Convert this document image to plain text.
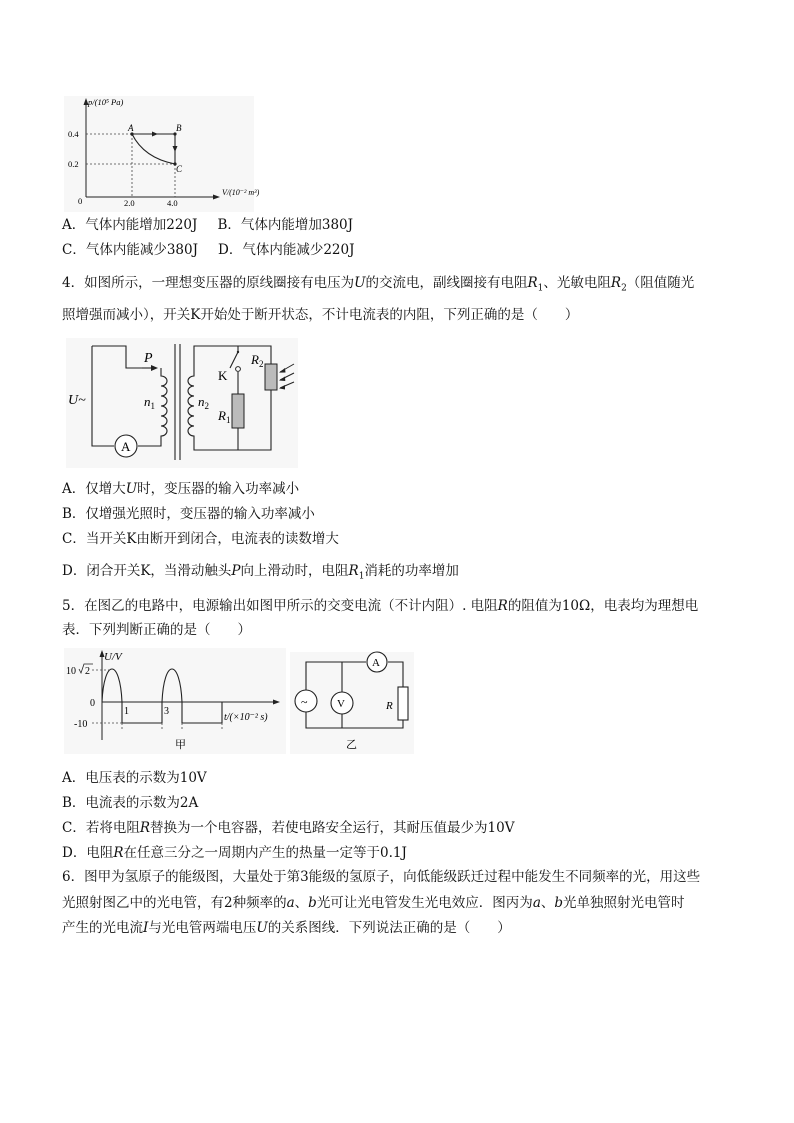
p/(10⁵ Pa)
V/(10⁻² m³)
0.4
0.2
0	2.0	4.0
A	B
C
A．气体内能增加220J B．气体内能增加380J
C．气体内能减少380J D．气体内能减少220J
4．如图所示，一理想变压器的原线圈接有电压为U的交流电，副线圈接有电阻$R_1$、光敏电阻$R_2$（阻值随光
照增强而减小），开关K开始处于断开状态，不计电流表的内阻，下列正确的是（　　）
A
U~
P
$n_1$	$n_2$
K
$R_1$
$R_2$
A．仅增大U时，变压器的输入功率减小
B．仅增强光照时，变压器的输入功率减小
C．当开关K由断开到闭合，电流表的读数增大
D．闭合开关K，当滑动触头P向上滑动时，电阻$R_1$消耗的功率增加
5．在图乙的电路中，电源输出如图甲所示的交变电流（不计内阻）. 电阻R的阻值为10Ω，电表均为理想电
表．下列判断正确的是（　　）
U/V
10 2
0
-10
1	3
t/(×10⁻² s)
甲
~	V
A
R
乙
A．电压表的示数为10V
B．电流表的示数为2A
C．若将电阻R替换为一个电容器，若使电路安全运行，其耐压值最少为10V
D．电阻R在任意三分之一周期内产生的热量一定等于0.1J
6．图甲为氢原子的能级图，大量处于第3能级的氢原子，向低能级跃迁过程中能发生不同频率的光，用这些
光照射图乙中的光电管，有2种频率的a、b光可让光电管发生光电效应．图丙为a、b光单独照射光电管时
产生的光电流I与光电管两端电压U的关系图线．下列说法正确的是（　　）
